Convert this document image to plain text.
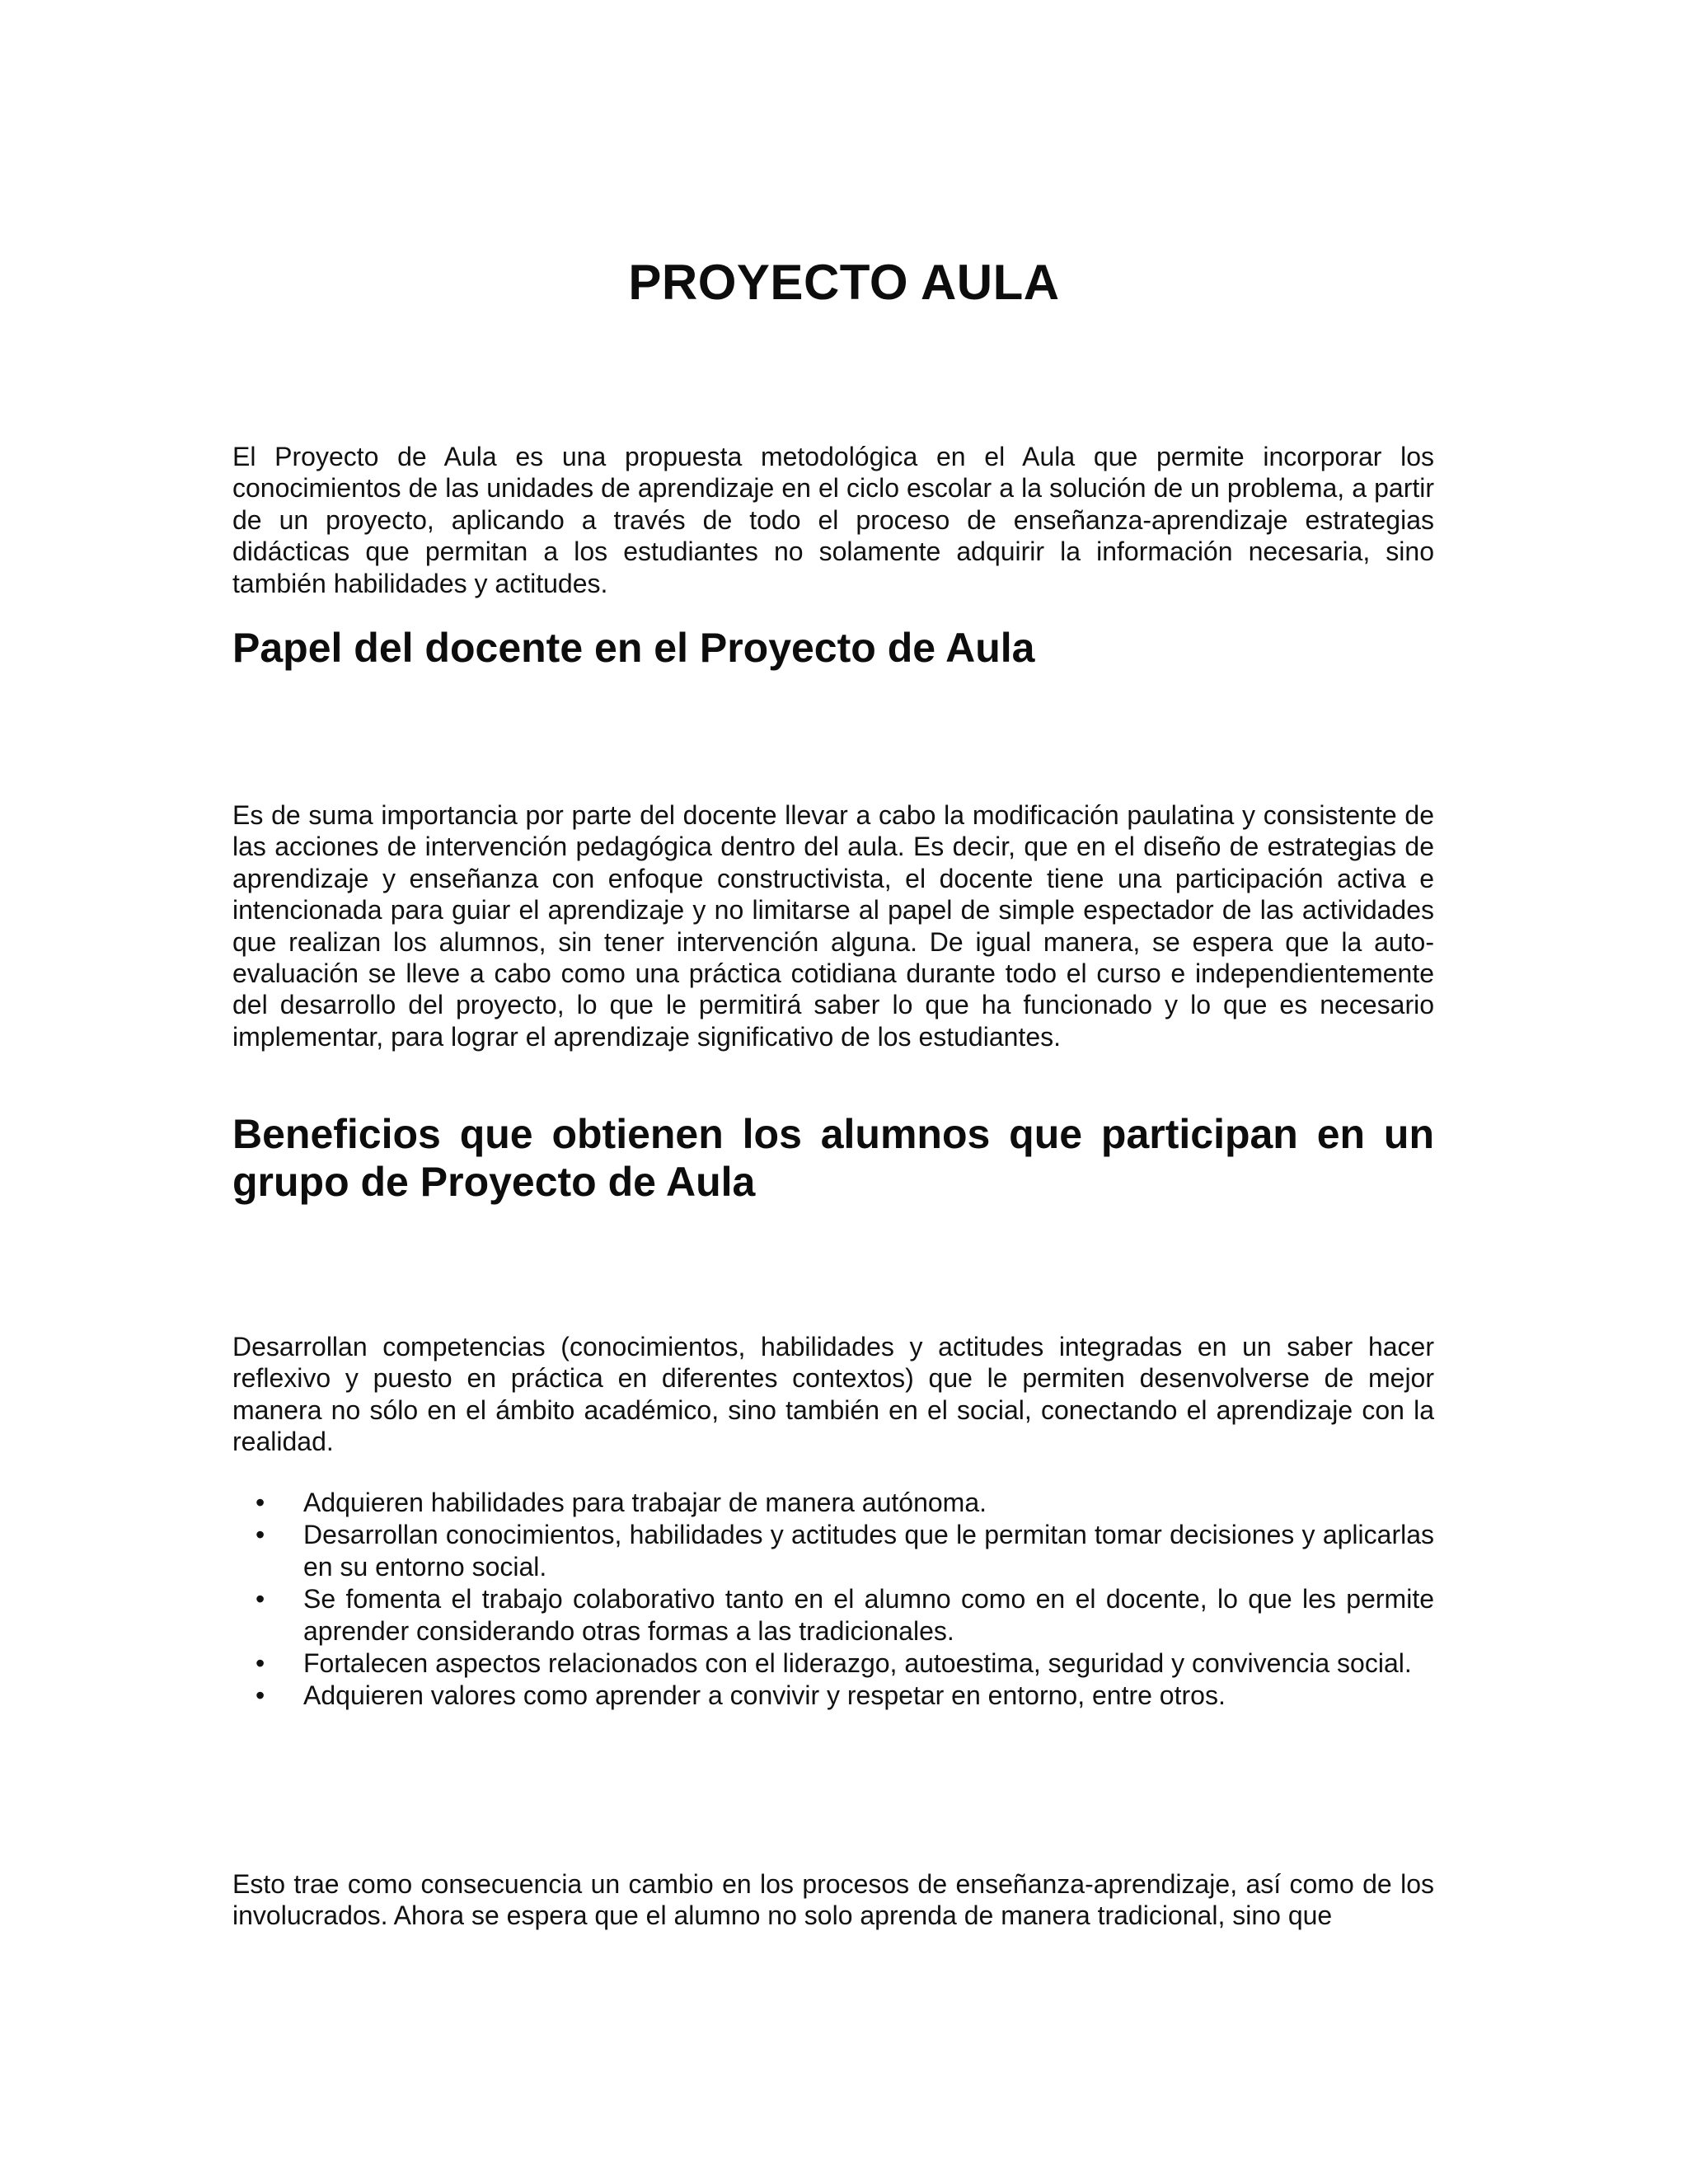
PROYECTO AULA

El Proyecto de Aula es una propuesta metodológica en el Aula que permite incorporar los conocimientos de las unidades de aprendizaje en el ciclo escolar a la solución de un problema, a partir de un proyecto, aplicando a través de todo el proceso de enseñanza-aprendizaje estrategias didácticas que permitan a los estudiantes no solamente adquirir la información necesaria, sino también habilidades y actitudes.

Papel del docente en el Proyecto de Aula

Es de suma importancia por parte del docente llevar a cabo la modificación paulatina y consistente de las acciones de intervención pedagógica dentro del aula. Es decir, que en el diseño de estrategias de aprendizaje y enseñanza con enfoque constructivista, el docente tiene una participación activa e intencionada para guiar el aprendizaje y no limitarse al papel de simple espectador de las actividades que realizan los alumnos, sin tener intervención alguna. De igual manera, se espera que la auto-evaluación se lleve a cabo como una práctica cotidiana durante todo el curso e independientemente del desarrollo del proyecto, lo que le permitirá saber lo que ha funcionado y lo que es necesario implementar, para lograr el aprendizaje significativo de los estudiantes.

Beneficios que obtienen los alumnos que participan en un grupo de Proyecto de Aula

Desarrollan competencias (conocimientos, habilidades y actitudes integradas en un saber hacer reflexivo y puesto en práctica en diferentes contextos) que le permiten desenvolverse de mejor manera no sólo en el ámbito académico, sino también en el social, conectando el aprendizaje con la realidad.

• Adquieren habilidades para trabajar de manera autónoma.
• Desarrollan conocimientos, habilidades y actitudes que le permitan tomar decisiones y aplicarlas en su entorno social.
• Se fomenta el trabajo colaborativo tanto en el alumno como en el docente, lo que les permite aprender considerando otras formas a las tradicionales.
• Fortalecen aspectos relacionados con el liderazgo, autoestima, seguridad y convivencia social.
• Adquieren valores como aprender a convivir y respetar en entorno, entre otros.

Esto trae como consecuencia un cambio en los procesos de enseñanza-aprendizaje, así como de los involucrados. Ahora se espera que el alumno no solo aprenda de manera tradicional, sino que
